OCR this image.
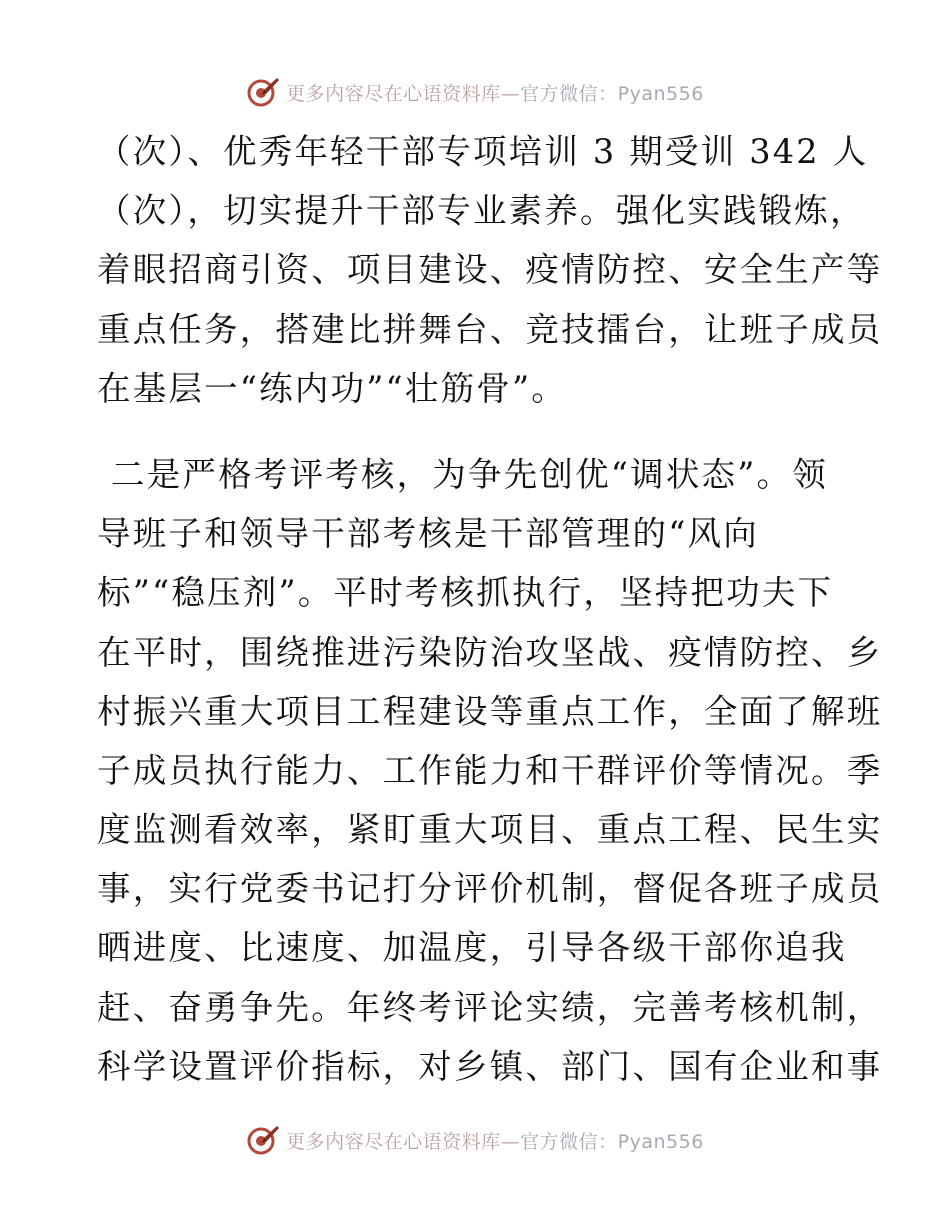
更多内容尽在心语资料库—官方微信：Pyan556
（次）、优秀年轻干部专项培训 3 期受训 342 人
（次），切实提升干部专业素养。强化实践锻炼，
着眼招商引资、项目建设、疫情防控、安全生产等
重点任务，搭建比拼舞台、竞技擂台，让班子成员
在基层一“练内功”“壮筋骨”。
二是严格考评考核，为争先创优“调状态”。领
导班子和领导干部考核是干部管理的“风向
标”“稳压剂”。平时考核抓执行，坚持把功夫下
在平时，围绕推进污染防治攻坚战、疫情防控、乡
村振兴重大项目工程建设等重点工作，全面了解班
子成员执行能力、工作能力和干群评价等情况。季
度监测看效率，紧盯重大项目、重点工程、民生实
事，实行党委书记打分评价机制，督促各班子成员
晒进度、比速度、加温度，引导各级干部你追我
赶、奋勇争先。年终考评论实绩，完善考核机制，
科学设置评价指标，对乡镇、部门、国有企业和事
更多内容尽在心语资料库—官方微信：Pyan556
